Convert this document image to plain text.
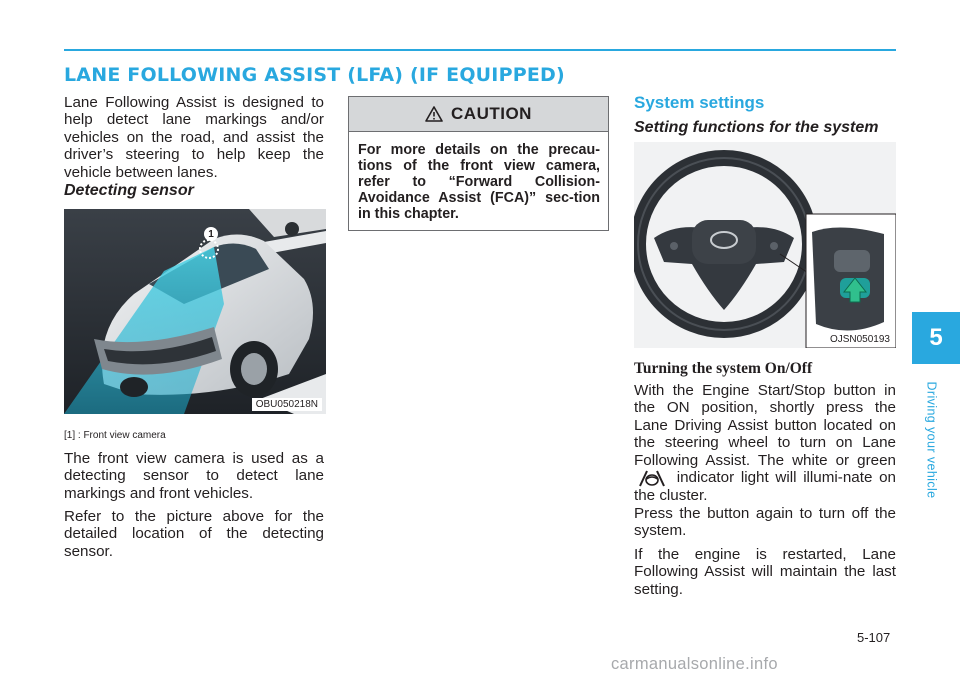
LANE FOLLOWING ASSIST (LFA) (IF EQUIPPED)

Lane Following Assist is designed to help detect lane markings and/or vehicles on the road, and assist the driver’s steering to help keep the vehicle between lanes.

Detecting sensor

1
OBU050218N

[1] : Front view camera

The front view camera is used as a detecting sensor to detect lane markings and front vehicles.

Refer to the picture above for the detailed location of the detecting sensor.

CAUTION

For more details on the precau-tions of the front view camera, refer to “Forward Collision-Avoidance Assist (FCA)” sec-tion in this chapter.

System settings

Setting functions for the system

OJSN050193

Turning the system On/Off

With the Engine Start/Stop button in the ON position, shortly press the Lane Driving Assist button located on the steering wheel to turn on Lane Following Assist. The white or green  indicator light will illumi-nate on the cluster.

Press the button again to turn off the system.

If the engine is restarted, Lane Following Assist will maintain the last setting.

5
Driving your vehicle

5-107

carmanualsonline.info
